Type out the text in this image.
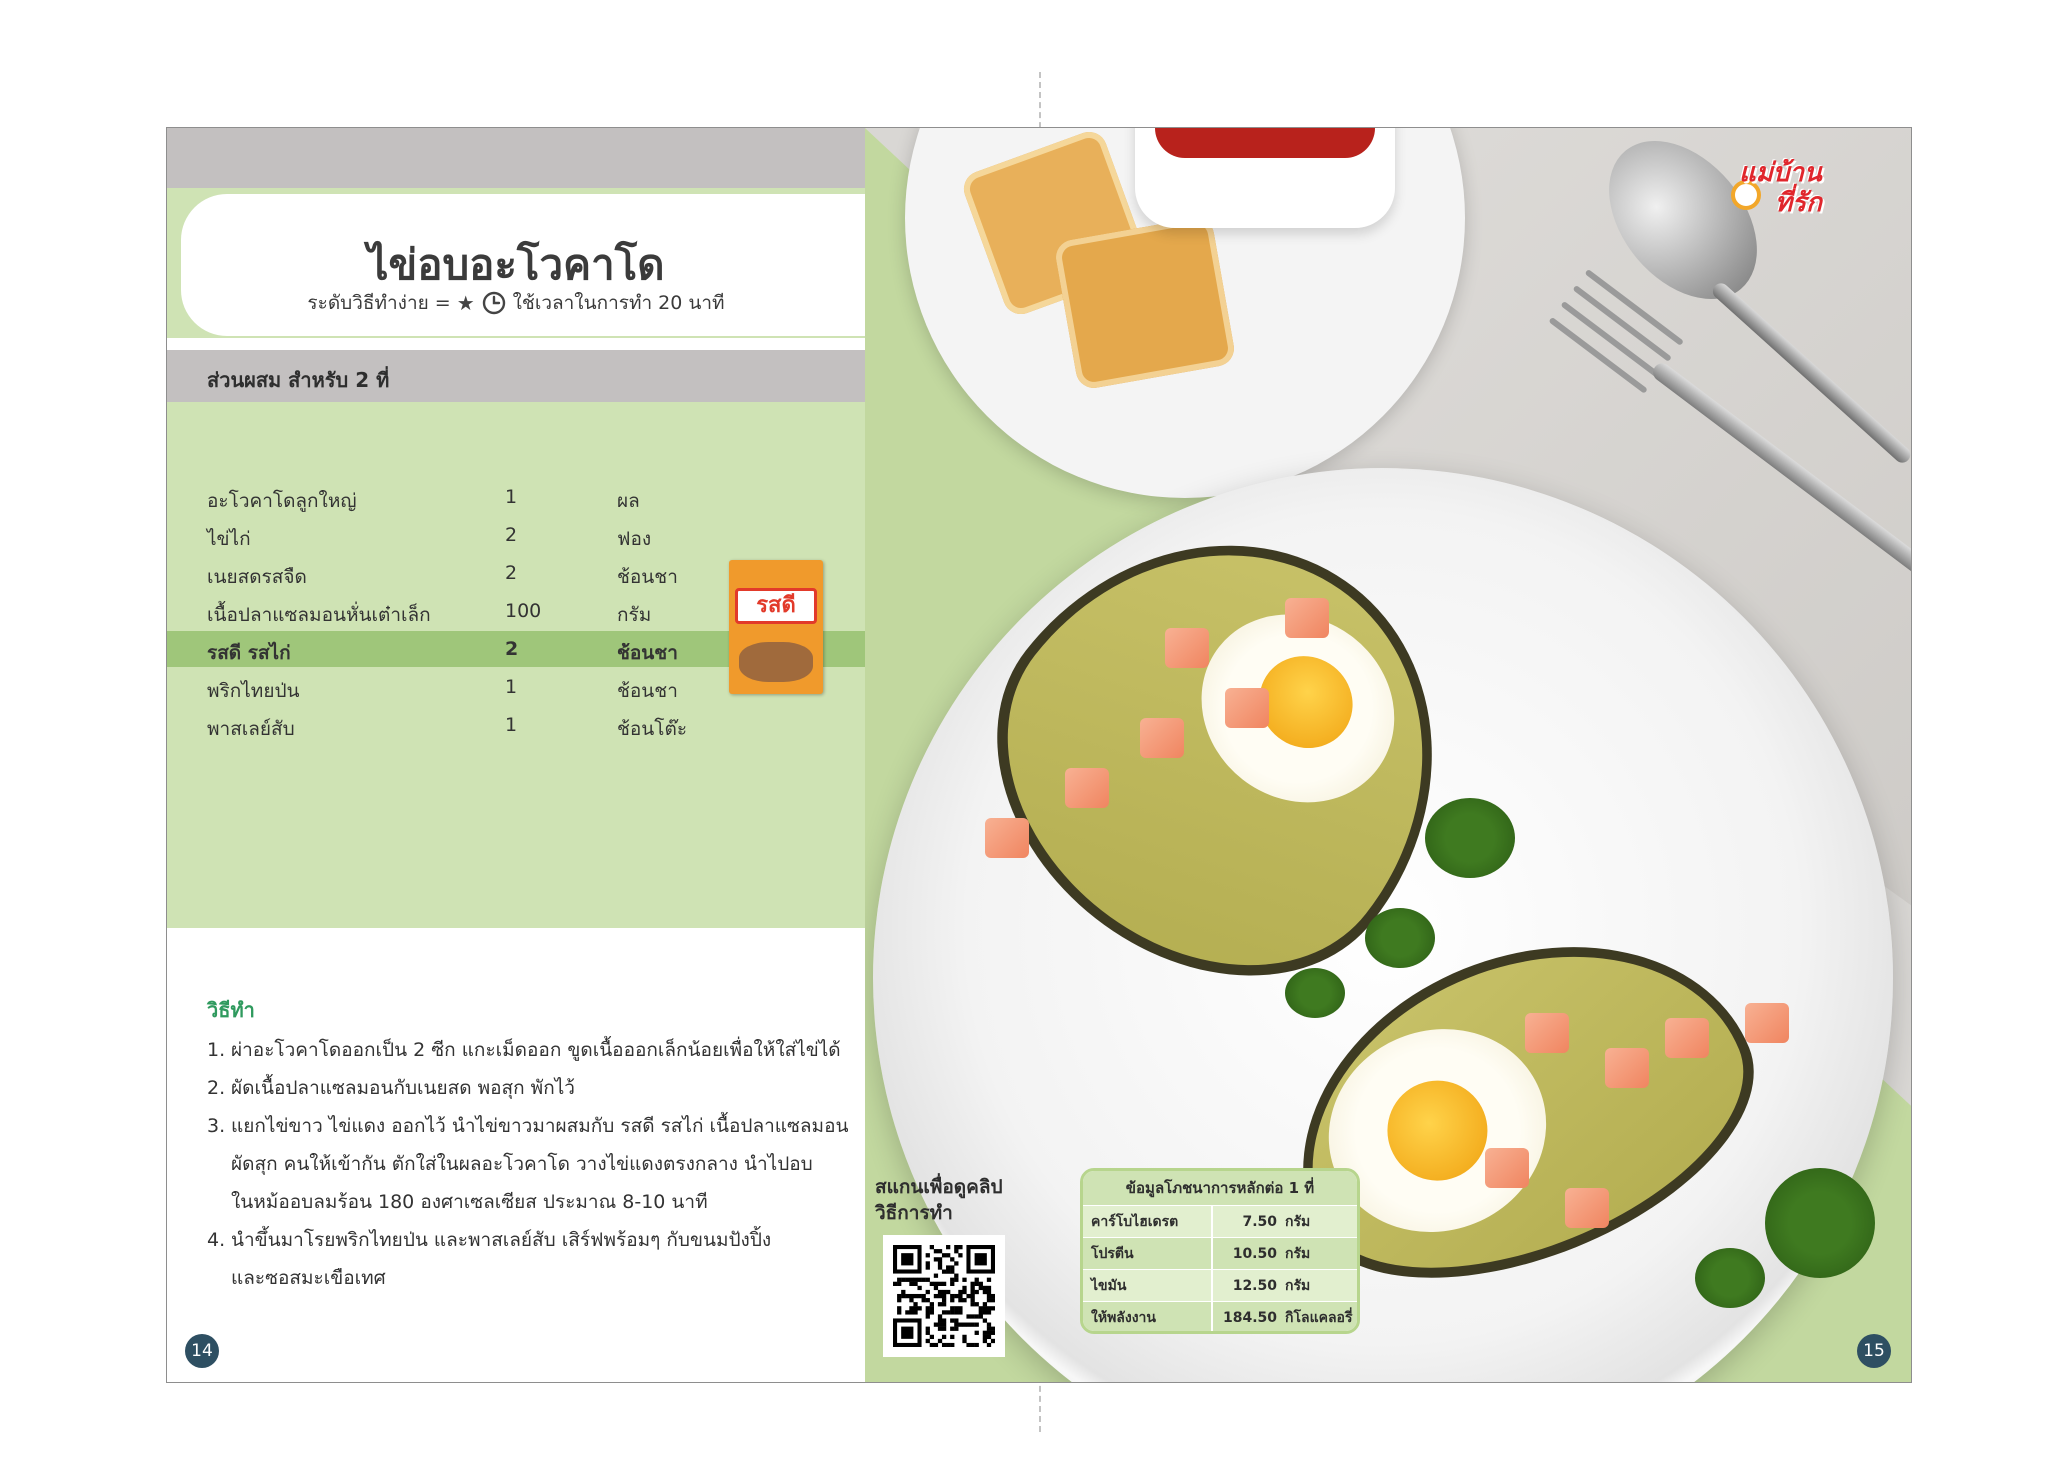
ไข่อบอะโวคาโด
ระดับวิธีทำง่าย = ★ ใช้เวลาในการทำ 20 นาที
ส่วนผสม สำหรับ 2 ที่
อะโวคาโดลูกใหญ่	1	ผล
ไข่ไก่	2	ฟอง
เนยสดรสจืด	2	ช้อนชา
เนื้อปลาแซลมอนหั่นเต๋าเล็ก	100	กรัม
รสดี รสไก่	2	ช้อนชา
พริกไทยป่น	1	ช้อนชา
พาสเลย์สับ	1	ช้อนโต๊ะ
รสดี
วิธีทำ
1. ผ่าอะโวคาโดออกเป็น 2 ซีก แกะเม็ดออก ขูดเนื้อออกเล็กน้อยเพื่อให้ใส่ไข่ได้
2. ผัดเนื้อปลาแซลมอนกับเนยสด พอสุก พักไว้
3. แยกไข่ขาว ไข่แดง ออกไว้ นำไข่ขาวมาผสมกับ รสดี รสไก่ เนื้อปลาแซลมอน
ผัดสุก คนให้เข้ากัน ตักใส่ในผลอะโวคาโด วางไข่แดงตรงกลาง นำไปอบ
ในหม้ออบลมร้อน 180 องศาเซลเซียส ประมาณ 8-10 นาที
4. นำขึ้นมาโรยพริกไทยป่น และพาสเลย์สับ เสิร์ฟพร้อมๆ กับขนมปังปิ้ง
และซอสมะเขือเทศ
14
แม่บ้าน
ที่รัก
สแกนเพื่อดูคลิป
วิธีการทำ
ข้อมูลโภชนาการหลักต่อ 1 ที่
คาร์โบไฮเดรต	7.50 กรัม
โปรตีน	10.50 กรัม
ไขมัน	12.50 กรัม
ให้พลังงาน	184.50 กิโลแคลอรี่
15
